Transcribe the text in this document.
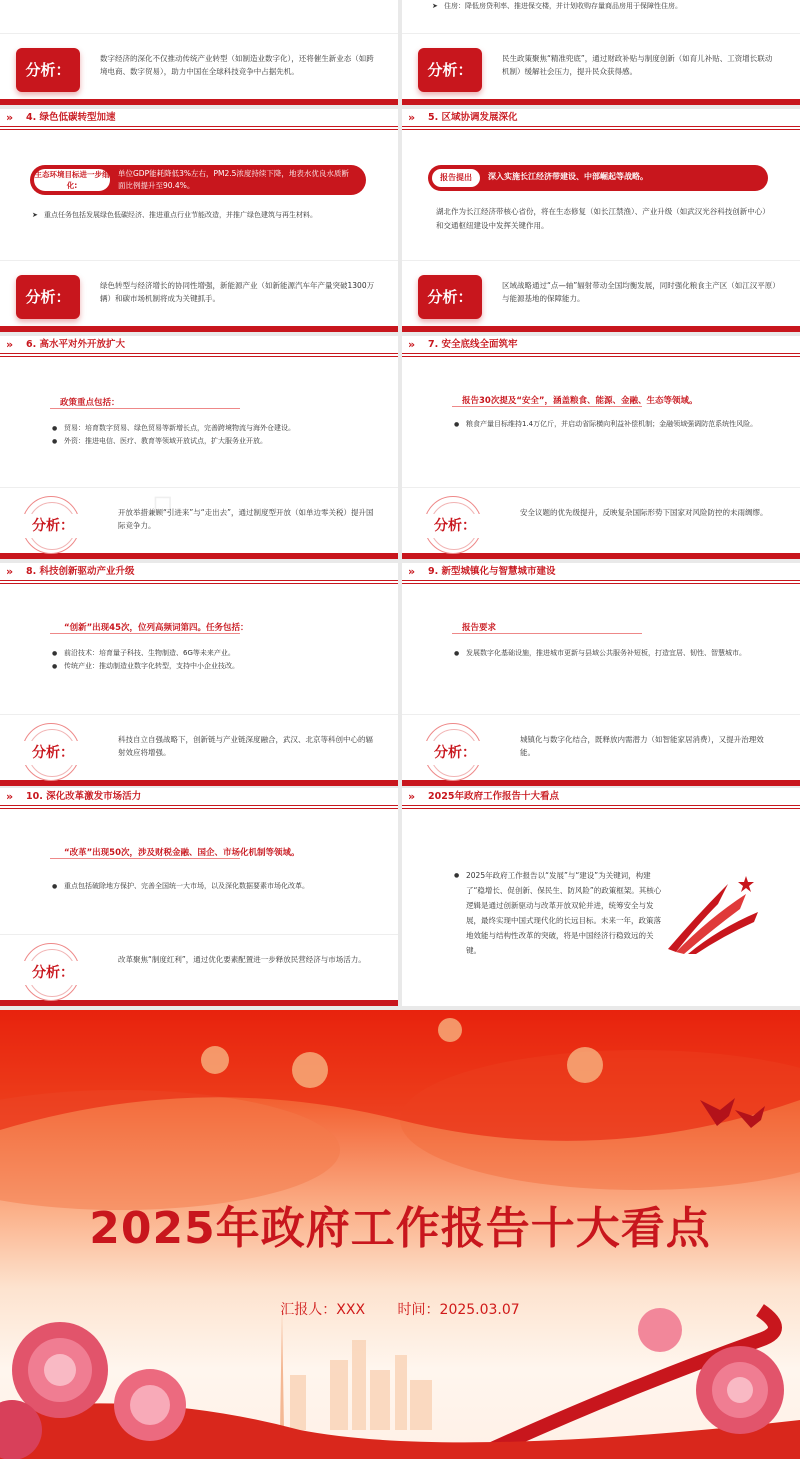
分析：
数字经济的深化不仅推动传统产业转型（如制造业数字化），还将催生新业态（如跨境电商、数字贸易），助力中国在全球科技竞争中占据先机。

➤ 住房：降低房贷利率、推进保交楼，并计划收购存量商品房用于保障性住房。

分析：
民生政策聚焦“精准兜底”，通过财政补贴与制度创新（如育儿补贴、工资增长联动机制）缓解社会压力，提升民众获得感。
» 4. 绿色低碳转型加速
生态环境目标进一步细化:
单位GDP能耗降低3%左右，PM2.5浓度持续下降，地表水优良水质断面比例提升至90.4%。

➤ 重点任务包括发展绿色低碳经济、推进重点行业节能改造，并推广绿色建筑与再生材料。

分析：
绿色转型与经济增长的协同性增强，新能源产业（如新能源汽车年产量突破1300万辆）和碳市场机制将成为关键抓手。
» 5. 区域协调发展深化
报告提出	深入实施长江经济带建设、中部崛起等战略。
湖北作为长江经济带核心省份，将在生态修复（如长江禁渔）、产业升级（如武汉光谷科技创新中心）和交通枢纽建设中发挥关键作用。
分析：
区域战略通过“点—轴”辐射带动全国均衡发展，同时强化粮食主产区（如江汉平原）与能源基地的保障能力。
» 6. 高水平对外开放扩大
政策重点包括：

● 贸易：培育数字贸易、绿色贸易等新增长点，完善跨境物流与海外仓建设。

● 外资：推进电信、医疗、教育等领域开放试点，扩大服务业开放。

◇
分析：
开放举措兼顾“引进来”与“走出去”，通过制度型开放（如单边零关税）提升国际竞争力。
» 7. 安全底线全面筑牢
报告30次提及“安全”，涵盖粮食、能源、金融、生态等领域。

● 粮食产量目标维持1.4万亿斤，并启动省际横向利益补偿机制；金融领域强调防范系统性风险。

分析：
安全议题的优先级提升，反映复杂国际形势下国家对风险防控的未雨绸缪。
» 8. 科技创新驱动产业升级
“创新”出现45次，位列高频词第四。任务包括：

● 前沿技术：培育量子科技、生物制造、6G等未来产业。

● 传统产业：推动制造业数字化转型，支持中小企业技改。

分析：
科技自立自强战略下，创新链与产业链深度融合，武汉、北京等科创中心的辐射效应将增强。
» 9. 新型城镇化与智慧城市建设
报告要求

● 发展数字化基础设施，推进城市更新与县域公共服务补短板，打造宜居、韧性、智慧城市。

分析：
城镇化与数字化结合，既释放内需潜力（如智能家居消费），又提升治理效能。
» 10. 深化改革激发市场活力
“改革”出现50次，涉及财税金融、国企、市场化机制等领域。

● 重点包括破除地方保护、完善全国统一大市场，以及深化数据要素市场化改革。

分析：
改革聚焦“制度红利”，通过优化要素配置进一步释放民营经济与市场活力。
» 2025年政府工作报告十大看点

● 2025年政府工作报告以“发展”与“建设”为关键词，构建了“稳增长、促创新、保民生、防风险”的政策框架。其核心逻辑是通过创新驱动与改革开放双轮并进，统筹安全与发展，最终实现中国式现代化的长远目标。未来一年，政策落地效能与结构性改革的突破，将是中国经济行稳致远的关键。

2025年政府工作报告十大看点
汇报人：XXX 时间：2025.03.07
